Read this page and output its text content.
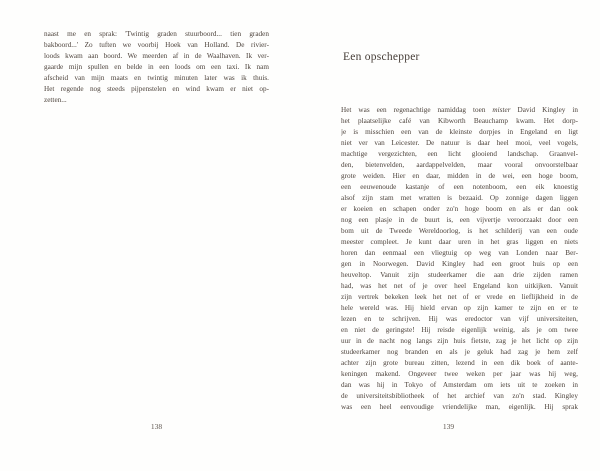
naast me en sprak: 'Twintig graden stuurboord... tien graden
bakboord...' Zo tuften we voorbij Hoek van Holland. De rivier-
loods kwam aan boord. We meerden af in de Waalhaven. Ik ver-
gaarde mijn spullen en belde in een loods om een taxi. Ik nam
afscheid van mijn maats en twintig minuten later was ik thuis.
Het regende nog steeds pijpenstelen en wind kwam er niet op-
zetten...
138
Een opschepper
Het was een regenachtige namiddag toen mister David Kingley in
het plaatselijke café van Kibworth Beauchamp kwam. Het dorp-
je is misschien een van de kleinste dorpjes in Engeland en ligt
niet ver van Leicester. De natuur is daar heel mooi, veel vogels,
machtige vergezichten, een licht glooiend landschap. Graanvel-
den, bietenvelden, aardappelvelden, maar vooral onvoorstelbaar
grote weiden. Hier en daar, midden in de wei, een hoge boom,
een eeuwenoude kastanje of een notenboom, een eik knoestig
alsof zijn stam met wratten is bezaaid. Op zonnige dagen liggen
er koeien en schapen onder zo'n hoge boom en als er dan ook
nog een plasje in de buurt is, een vijvertje veroorzaakt door een
bom uit de Tweede Wereldoorlog, is het schilderij van een oude
meester compleet. Je kunt daar uren in het gras liggen en niets
horen dan eenmaal een vliegtuig op weg van Londen naar Ber-
gen in Noorwegen. David Kingley had een groot huis op een
heuveltop. Vanuit zijn studeerkamer die aan drie zijden ramen
had, was het net of je over heel Engeland kon uitkijken. Vanuit
zijn vertrek bekeken leek het net of er vrede en lieflijkheid in de
hele wereld was. Hij hield ervan op zijn kamer te zijn en er te
lezen en te schrijven. Hij was eredoctor van vijf universiteiten,
en niet de geringste! Hij reisde eigenlijk weinig, als je om twee
uur in de nacht nog langs zijn huis fietste, zag je het licht op zijn
studeerkamer nog branden en als je geluk had zag je hem zelf
achter zijn grote bureau zitten, lezend in een dik boek of aante-
keningen makend. Ongeveer twee weken per jaar was hij weg,
dan was hij in Tokyo of Amsterdam om iets uit te zoeken in
de universiteitsbibliotheek of het archief van zo'n stad. Kingley
was een heel eenvoudige vriendelijke man, eigenlijk. Hij sprak
139
